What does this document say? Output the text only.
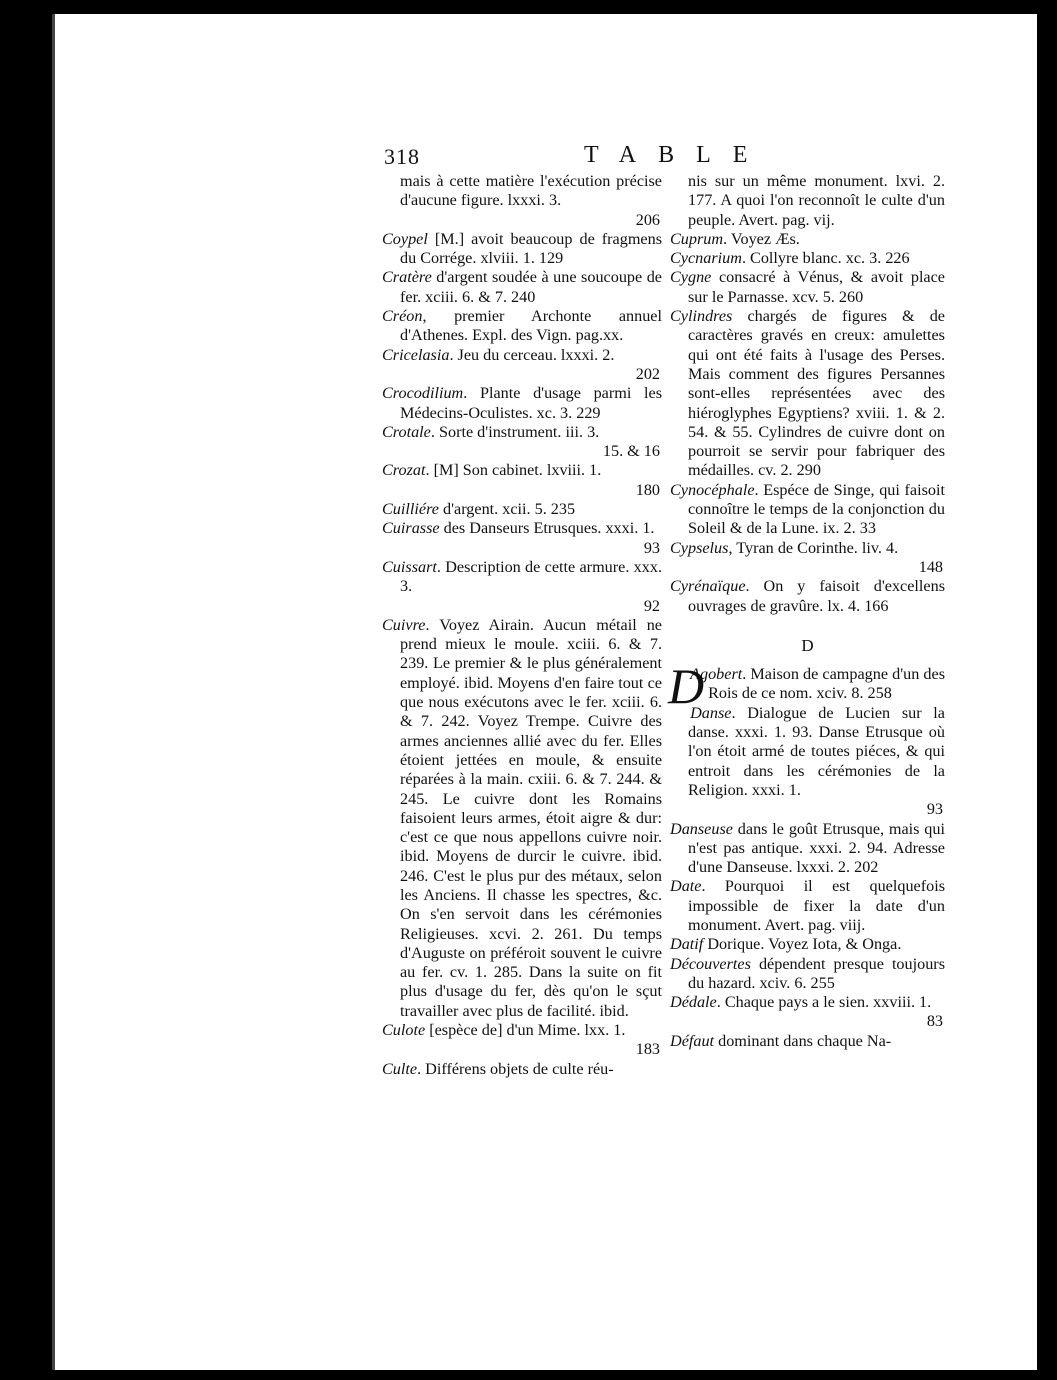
318	TABLE

mais à cette matière l'exécution précise d'aucune figure. lxxxi. 3.
206

Coypel [M.] avoit beaucoup de fragmens du Corrége. xlviii. 1. 129

Cratère d'argent soudée à une soucoupe de fer. xciii. 6. & 7. 240

Créon, premier Archonte annuel d'Athenes. Expl. des Vign. pag.xx.

Cricelasia. Jeu du cerceau. lxxxi. 2.
202

Crocodilium. Plante d'usage parmi les Médecins-Oculistes. xc. 3. 229

Crotale. Sorte d'instrument. iii. 3.
15. & 16

Crozat. [M] Son cabinet. lxviii. 1.
180

Cuilliére d'argent. xcii. 5. 235

Cuirasse des Danseurs Etrusques. xxxi. 1.
93

Cuissart. Description de cette armure. xxx. 3.
92

Cuivre. Voyez Airain. Aucun métail ne prend mieux le moule. xciii. 6. & 7. 239. Le premier & le plus généralement employé. ibid. Moyens d'en faire tout ce que nous exécutons avec le fer. xciii. 6. & 7. 242. Voyez Trempe. Cuivre des armes anciennes allié avec du fer. Elles étoient jettées en moule, & ensuite réparées à la main. cxiii. 6. & 7. 244. & 245. Le cuivre dont les Romains faisoient leurs armes, étoit aigre & dur: c'est ce que nous appellons cuivre noir. ibid. Moyens de durcir le cuivre. ibid. 246. C'est le plus pur des métaux, selon les Anciens. Il chasse les spectres, &c. On s'en servoit dans les cérémonies Religieuses. xcvi. 2. 261. Du temps d'Auguste on préféroit souvent le cuivre au fer. cv. 1. 285. Dans la suite on fit plus d'usage du fer, dès qu'on le sçut travailler avec plus de facilité. ibid.

Culote [espèce de] d'un Mime. lxx. 1.
183

Culte. Différens objets de culte réu-

nis sur un même monument. lxvi. 2. 177. A quoi l'on reconnoît le culte d'un peuple. Avert. pag. vij.

Cuprum. Voyez Æs.

Cycnarium. Collyre blanc. xc. 3. 226

Cygne consacré à Vénus, & avoit place sur le Parnasse. xcv. 5. 260

Cylindres chargés de figures & de caractères gravés en creux: amulettes qui ont été faits à l'usage des Perses. Mais comment des figures Persannes sont-elles représentées avec des hiéroglyphes Egyptiens? xviii. 1. & 2. 54. & 55. Cylindres de cuivre dont on pourroit se servir pour fabriquer des médailles. cv. 2. 290

Cynocéphale. Espéce de Singe, qui faisoit connoître le temps de la conjonction du Soleil & de la Lune. ix. 2. 33

Cypselus, Tyran de Corinthe. liv. 4.
148

Cyrénaïque. On y faisoit d'excellens ouvrages de gravûre. lx. 4. 166

D

D
Agobert. Maison de campagne d'un des Rois de ce nom. xciv. 8. 258

Danse. Dialogue de Lucien sur la danse. xxxi. 1. 93. Danse Etrusque où l'on étoit armé de toutes piéces, & qui entroit dans les cérémonies de la Religion. xxxi. 1.
93

Danseuse dans le goût Etrusque, mais qui n'est pas antique. xxxi. 2. 94. Adresse d'une Danseuse. lxxxi. 2. 202

Date. Pourquoi il est quelquefois impossible de fixer la date d'un monument. Avert. pag. viij.

Datif Dorique. Voyez Iota, & Onga.

Découvertes dépendent presque toujours du hazard. xciv. 6. 255

Dédale. Chaque pays a le sien. xxviii. 1.
83

Défaut dominant dans chaque Na-
